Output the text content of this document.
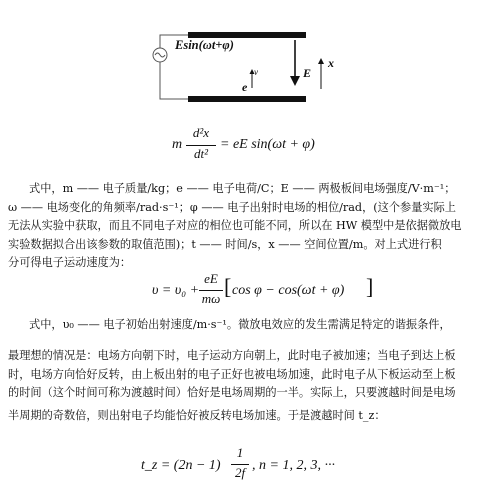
Esin(ωt+φ)
e
v	E
x
m
d²x
dt²
= eE sin(ωt + φ)
式中，m —— 电子质量/kg；e —— 电子电荷/C；E —— 两极板间电场强度/V·m⁻¹；
ω —— 电场变化的角频率/rad·s⁻¹；φ —— 电子出射时电场的相位/rad，(这个参量实际上
无法从实验中获取，而且不同电子对应的相位也可能不同，所以在 HW 模型中是依据微放电
实验数据拟合出该参数的取值范围)；t —— 时间/s，x —— 空间位置/m。对上式进行积
分可得电子运动速度为：
υ = υ₀ +
eE
mω [ cos φ − cos(ωt + φ) ]
式中，υ₀ —— 电子初始出射速度/m·s⁻¹。微放电效应的发生需满足特定的谐振条件，
最理想的情况是：电场方向朝下时，电子运动方向朝上，此时电子被加速；当电子到达上板
时，电场方向恰好反转，由上板出射的电子正好也被电场加速，此时电子从下板运动至上板
的时间（这个时间可称为渡越时间）恰好是电场周期的一半。实际上，只要渡越时间是电场
半周期的奇数倍，则出射电子均能恰好被反转电场加速。于是渡越时间 t_z：
t_z = (2n − 1)
1
2f , n = 1, 2, 3, ···
